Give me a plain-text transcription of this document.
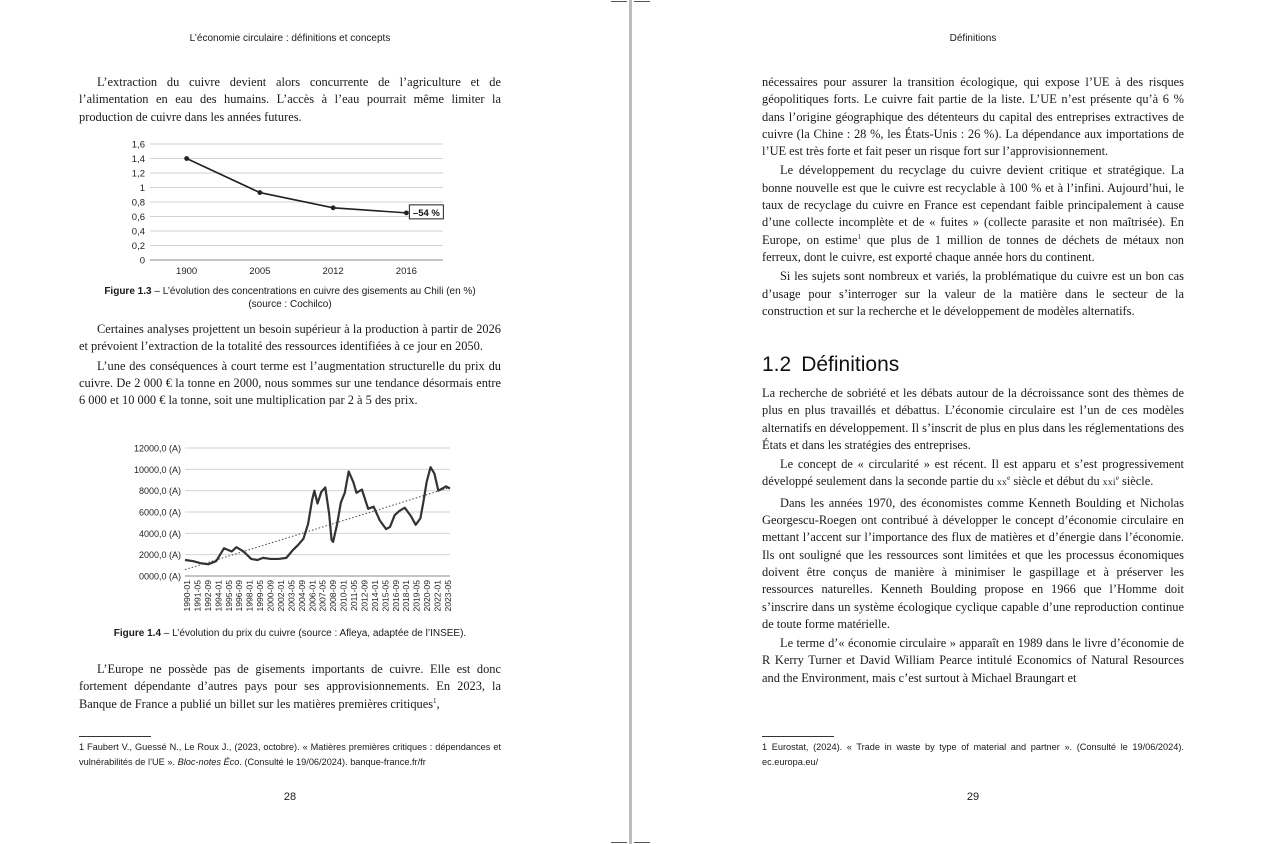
L’économie circulaire : définitions et concepts

L’extraction du cuivre devient alors concurrente de l’agriculture et de l’alimentation en eau des humains. L’accès à l’eau pourrait même limiter la production de cuivre dans les années futures.

0
0,2
0,4
0,6
0,8
1
1,2
1,4
1,6
1900	2005	2012	2016
–54 %
Figure 1.3 – L’évolution des concentrations en cuivre des gisements au Chili (en %)
(source : Cochilco)

Certaines analyses projettent un besoin supérieur à la production à partir de 2026 et prévoient l’extraction de la totalité des ressources identifiées à ce jour en 2050.

L’une des conséquences à court terme est l’augmentation structurelle du prix du cuivre. De 2 000 € la tonne en 2000, nous sommes sur une tendance désormais entre 6 000 et 10 000 € la tonne, soit une multiplication par 2 à 5 des prix.

0000,0 (A)
2000,0 (A)
4000,0 (A)
6000,0 (A)
8000,0 (A)
10000,0 (A)
12000,0 (A)
1990-01 1991-05 1992-09 1994-01 1995-05 1996-09 1998-01 1999-05 2000-09 2002-01 2003-05 2004-09 2006-01 2007-05 2008-09 2010-01 2011-05 2012-09 2014-01 2015-05 2016-09 2018-01 2019-05 2020-09 2022-01 2023-05
Figure 1.4 – L’évolution du prix du cuivre (source : Afleya, adaptée de l’INSEE).

L’Europe ne possède pas de gisements importants de cuivre. Elle est donc fortement dépendante d’autres pays pour ses approvisionnements. En 2023, la Banque de France a publié un billet sur les matières premières critiques$^1$,

1 Faubert V., Guessé N., Le Roux J., (2023, octobre). « Matières premières critiques : dépendances et vulnérabilités de l’UE ». Bloc-notes Éco. (Consulté le 19/06/2024). banque-france.fr/fr
28
Définitions

nécessaires pour assurer la transition écologique, qui expose l’UE à des risques géopolitiques forts. Le cuivre fait partie de la liste. L’UE n’est présente qu’à 6 % dans l’origine géographique des détenteurs du capital des entreprises extractives de cuivre (la Chine : 28 %, les États-Unis : 26 %). La dépendance aux importations de l’UE est très forte et fait peser un risque fort sur l’approvisionnement.

Le développement du recyclage du cuivre devient critique et stratégique. La bonne nouvelle est que le cuivre est recyclable à 100 % et à l’infini. Aujourd’hui, le taux de recyclage du cuivre en France est cependant faible principalement à cause d’une collecte incomplète et de « fuites » (collecte parasite et non maîtrisée). En Europe, on estime$^1$ que plus de 1 million de tonnes de déchets de métaux non ferreux, dont le cuivre, est exporté chaque année hors du continent.

Si les sujets sont nombreux et variés, la problématique du cuivre est un bon cas d’usage pour s’interroger sur la valeur de la matière dans le secteur de la construction et sur la recherche et le développement de modèles alternatifs.

1.2 Définitions

La recherche de sobriété et les débats autour de la décroissance sont des thèmes de plus en plus travaillés et débattus. L’économie circulaire est l’un de ces modèles alternatifs en développement. Il s’inscrit de plus en plus dans les réglementations des États et dans les stratégies des entreprises.

Le concept de « circularité » est récent. Il est apparu et s’est progressivement développé seulement dans la seconde partie du $xx^e$ siècle et début du xxi$^e$ siècle.

Dans les années 1970, des économistes comme Kenneth Boulding et Nicholas Georgescu-Roegen ont contribué à développer le concept d’économie circulaire en mettant l’accent sur l’importance des flux de matières et d’énergie dans l’économie. Ils ont souligné que les ressources sont limitées et que les processus économiques doivent être conçus de manière à minimiser le gaspillage et à préserver les ressources naturelles. Kenneth Boulding propose en 1966 que l’Homme doit s’inscrire dans un système écologique cyclique capable d’une reproduction continue de toute forme matérielle.

Le terme d’« économie circulaire » apparaît en 1989 dans le livre d’économie de R Kerry Turner et David William Pearce intitulé Economics of Natural Resources and the Environment, mais c’est surtout à Michael Braungart et

1 Eurostat, (2024). « Trade in waste by type of material and partner ». (Consulté le 19/06/2024). ec.europa.eu/
29
